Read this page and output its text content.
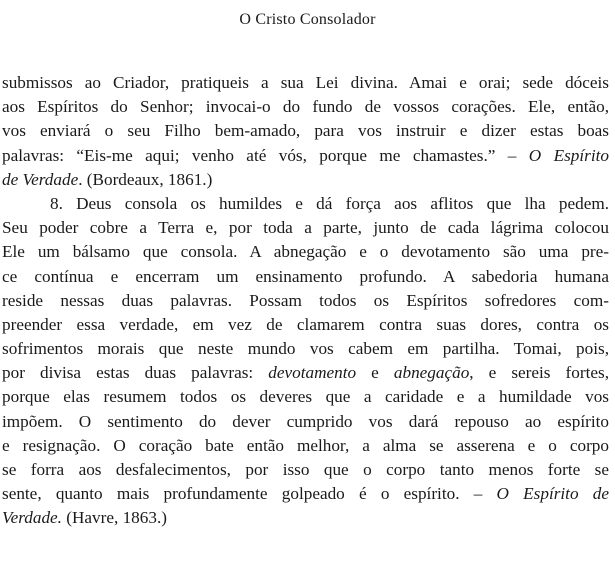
O Cristo Consolador
submissos ao Criador, pratiqueis a sua Lei divina. Amai e orai; sede dóceis
aos Espíritos do Senhor; invocai-o do fundo de vossos corações. Ele, então,
vos enviará o seu Filho bem-amado, para vos instruir e dizer estas boas
palavras: “Eis-me aqui; venho até vós, porque me chamastes.” – O Espírito
de Verdade. (Bordeaux, 1861.)
8. Deus consola os humildes e dá força aos aflitos que lha pedem.
Seu poder cobre a Terra e, por toda a parte, junto de cada lágrima colocou
Ele um bálsamo que consola. A abnegação e o devotamento são uma pre-
ce contínua e encerram um ensinamento profundo. A sabedoria humana
reside nessas duas palavras. Possam todos os Espíritos sofredores com-
preender essa verdade, em vez de clamarem contra suas dores, contra os
sofrimentos morais que neste mundo vos cabem em partilha. Tomai, pois,
por divisa estas duas palavras: devotamento e abnegação, e sereis fortes,
porque elas resumem todos os deveres que a caridade e a humildade vos
impõem. O sentimento do dever cumprido vos dará repouso ao espírito
e resignação. O coração bate então melhor, a alma se asserena e o corpo
se forra aos desfalecimentos, por isso que o corpo tanto menos forte se
sente, quanto mais profundamente golpeado é o espírito. – O Espírito de
Verdade. (Havre, 1863.)
